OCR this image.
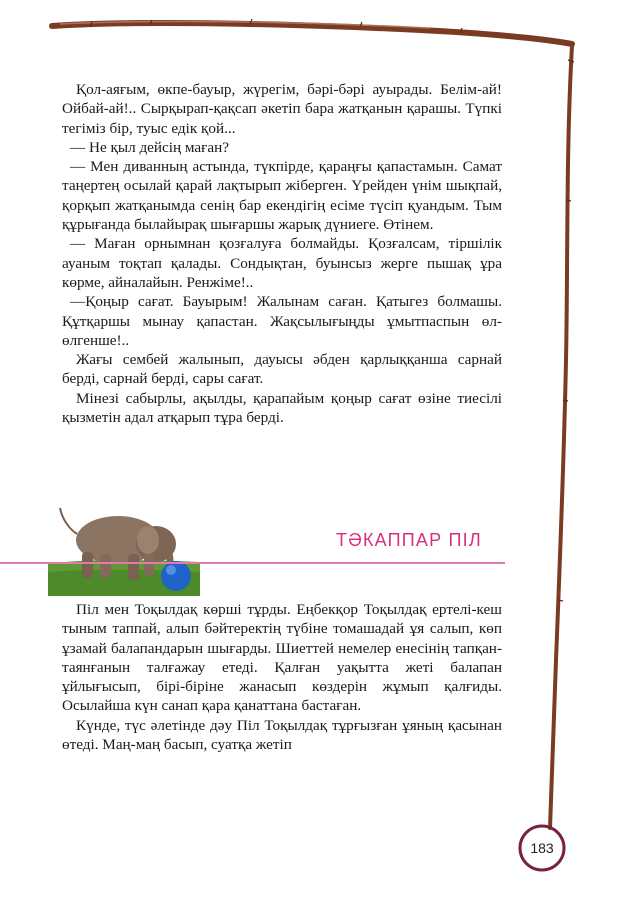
Қол-аяғым, өкпе-бауыр, жүрегім, бәрі-бәрі ауырады. Белім-ай! Ойбай-ай!.. Сырқырап-қақсап әкетіп бара жатқанын қарашы. Түпкі тегіміз бір, туыс едік қой...

— Не қыл дейсің маған?

— Мен диванның астында, түкпірде, қараңғы қапастамын. Самат таңертең осылай қарай лақтырып жіберген. Үрейден үнім шықпай, қорқып жатқанымда сенің бар екендігің есіме түсіп қуандым. Тым құрығанда былайырақ шығаршы жарық дүниеге. Өтінем.

— Маған орнымнан қозғалуға болмайды. Қозғалсам, тіршілік ауаным тоқтап қалады. Сондықтан, буынсыз жерге пышақ ұра көрме, айналайын. Ренжіме!..

—Қоңыр сағат. Бауырым! Жалынам саған. Қатыгез болмашы. Құтқаршы мынау қапастан. Жақсылығыңды ұмытпаспын өл-өлгенше!..

Жағы сембей жалынып, дауысы әбден қарлыққанша сарнай берді, сарнай берді, сары сағат.

Мінезі сабырлы, ақылды, қарапайым қоңыр сағат өзіне тиесілі қызметін адал атқарып тұра берді.

ТӘКАППАР ПІЛ

Піл мен Тоқылдақ көрші тұрды. Еңбекқор Тоқылдақ ертелі-кеш тыным таппай, алып бәйтеректің түбіне томашадай ұя салып, көп ұзамай балапандарын шығарды. Шиеттей немелер енесінің тапқан-таянғанын талғажау етеді. Қалған уақытта жеті балапан ұйлығысып, бірі-біріне жанасып көздерін жұмып қалғиды. Осылайша күн санап қара қанаттана бастаған.

Күнде, түс әлетінде дәу Піл Тоқылдақ тұрғызған ұяның қасынан өтеді. Маң-маң басып, суатқа жетіп

183
